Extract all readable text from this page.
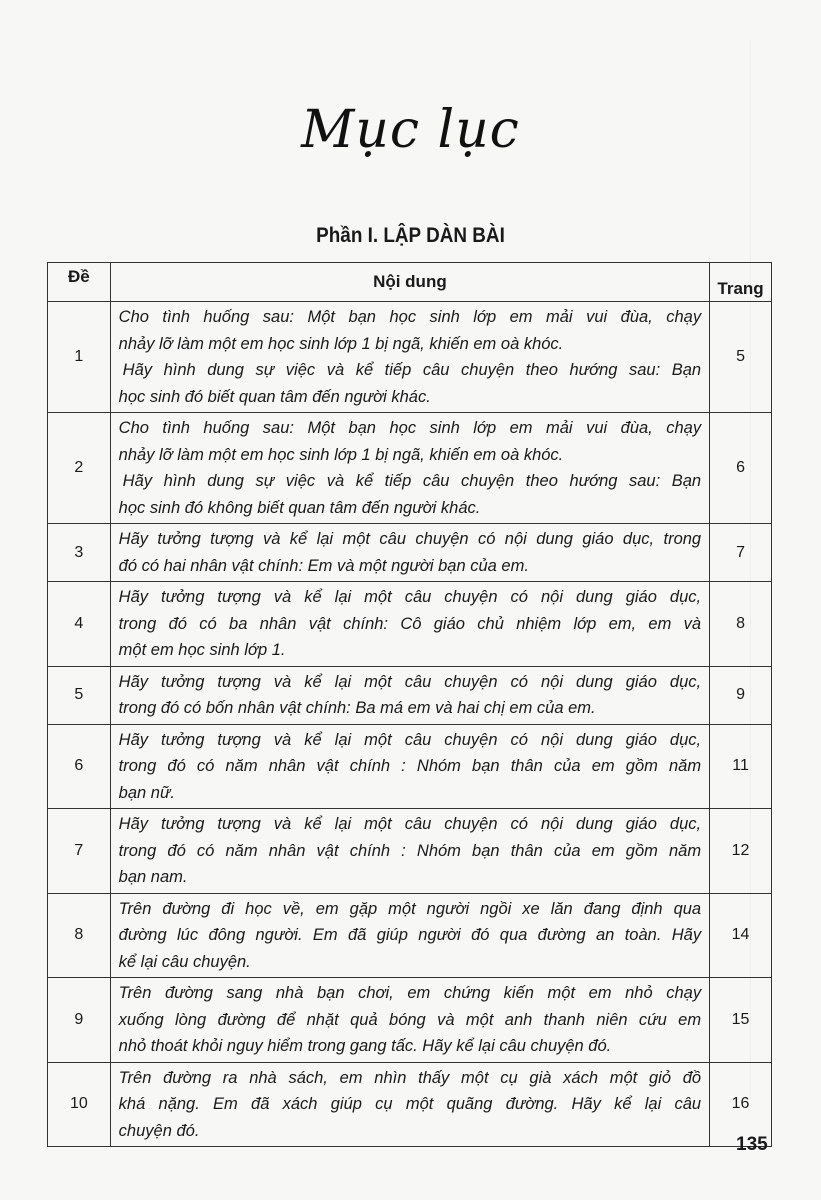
Mục lục
Phần I. LẬP DÀN BÀI
Đề	Nội dung	Trang
1	Cho tình huống sau: Một bạn học sinh lớp em mải vui đùa, chạy
nhảy lỡ làm một em học sinh lớp 1 bị ngã, khiến em oà khóc.
Hãy hình dung sự việc và kể tiếp câu chuyện theo hướng sau: Bạn
học sinh đó biết quan tâm đến người khác.	5
2	Cho tình huống sau: Một bạn học sinh lớp em mải vui đùa, chạy
nhảy lỡ làm một em học sinh lớp 1 bị ngã, khiến em oà khóc.
Hãy hình dung sự việc và kể tiếp câu chuyện theo hướng sau: Bạn
học sinh đó không biết quan tâm đến người khác.	6
3	Hãy tưởng tượng và kể lại một câu chuyện có nội dung giáo dục, trong
đó có hai nhân vật chính: Em và một người bạn của em.	7
4	Hãy tưởng tượng và kể lại một câu chuyện có nội dung giáo dục,
trong đó có ba nhân vật chính: Cô giáo chủ nhiệm lớp em, em và
một em học sinh lớp 1.	8
5	Hãy tưởng tượng và kể lại một câu chuyện có nội dung giáo dục,
trong đó có bốn nhân vật chính: Ba má em và hai chị em của em.	9
6	Hãy tưởng tượng và kể lại một câu chuyện có nội dung giáo dục,
trong đó có năm nhân vật chính : Nhóm bạn thân của em gồm năm
bạn nữ.	11
7	Hãy tưởng tượng và kể lại một câu chuyện có nội dung giáo dục,
trong đó có năm nhân vật chính : Nhóm bạn thân của em gồm năm
bạn nam.	12
8	Trên đường đi học về, em gặp một người ngồi xe lăn đang định qua
đường lúc đông người. Em đã giúp người đó qua đường an toàn. Hãy
kể lại câu chuyện.	14
9	Trên đường sang nhà bạn chơi, em chứng kiến một em nhỏ chạy
xuống lòng đường để nhặt quả bóng và một anh thanh niên cứu em
nhỏ thoát khỏi nguy hiểm trong gang tấc. Hãy kể lại câu chuyện đó.	15
10	Trên đường ra nhà sách, em nhìn thấy một cụ già xách một giỏ đồ
khá nặng. Em đã xách giúp cụ một quãng đường. Hãy kể lại câu
chuyện đó.	16
135
